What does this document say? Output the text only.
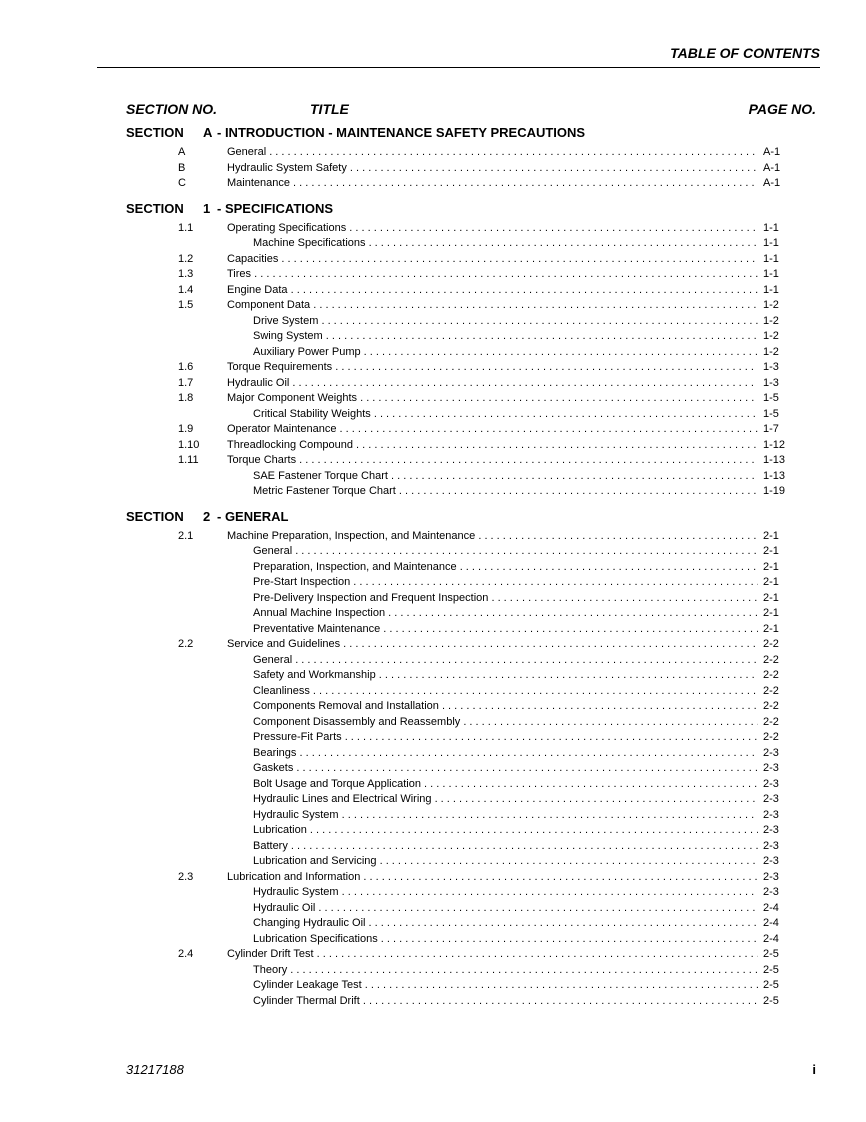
TABLE OF CONTENTS
SECTION NO.	TITLE	PAGE NO.
SECTION A - INTRODUCTION - MAINTENANCE SAFETY PRECAUTIONS
A	General . . .	A-1
B	Hydraulic System Safety . . .	A-1
C	Maintenance . . .	A-1
SECTION 1 - SPECIFICATIONS
1.1	Operating Specifications . . .	1-1
Machine Specifications . . .	1-1
1.2	Capacities . . .	1-1
1.3	Tires . . .	1-1
1.4	Engine Data . . .	1-1
1.5	Component Data . . .	1-2
Drive System . . .	1-2
Swing System . . .	1-2
Auxiliary Power Pump . . .	1-2
1.6	Torque Requirements . . .	1-3
1.7	Hydraulic Oil . . .	1-3
1.8	Major Component Weights . . .	1-5
Critical Stability Weights . . .	1-5
1.9	Operator Maintenance . . .	1-7
1.10	Threadlocking Compound . . .	1-12
1.11	Torque Charts . . .	1-13
SAE Fastener Torque Chart . . .	1-13
Metric Fastener Torque Chart . . .	1-19
SECTION 2 - GENERAL
2.1	Machine Preparation, Inspection, and Maintenance . . .	2-1
General . . .	2-1
Preparation, Inspection, and Maintenance . . .	2-1
Pre-Start Inspection . . .	2-1
Pre-Delivery Inspection and Frequent Inspection . . .	2-1
Annual Machine Inspection . . .	2-1
Preventative Maintenance . . .	2-1
2.2	Service and Guidelines . . .	2-2
General . . .	2-2
Safety and Workmanship . . .	2-2
Cleanliness . . .	2-2
Components Removal and Installation . . .	2-2
Component Disassembly and Reassembly . . .	2-2
Pressure-Fit Parts . . .	2-2
Bearings . . .	2-3
Gaskets . . .	2-3
Bolt Usage and Torque Application . . .	2-3
Hydraulic Lines and Electrical Wiring . . .	2-3
Hydraulic System . . .	2-3
Lubrication . . .	2-3
Battery . . .	2-3
Lubrication and Servicing . . .	2-3
2.3	Lubrication and Information . . .	2-3
Hydraulic System . . .	2-3
Hydraulic Oil . . .	2-4
Changing Hydraulic Oil . . .	2-4
Lubrication Specifications . . .	2-4
2.4	Cylinder Drift Test . . .	2-5
Theory . . .	2-5
Cylinder Leakage Test . . .	2-5
Cylinder Thermal Drift . . .	2-5
31217188	i
